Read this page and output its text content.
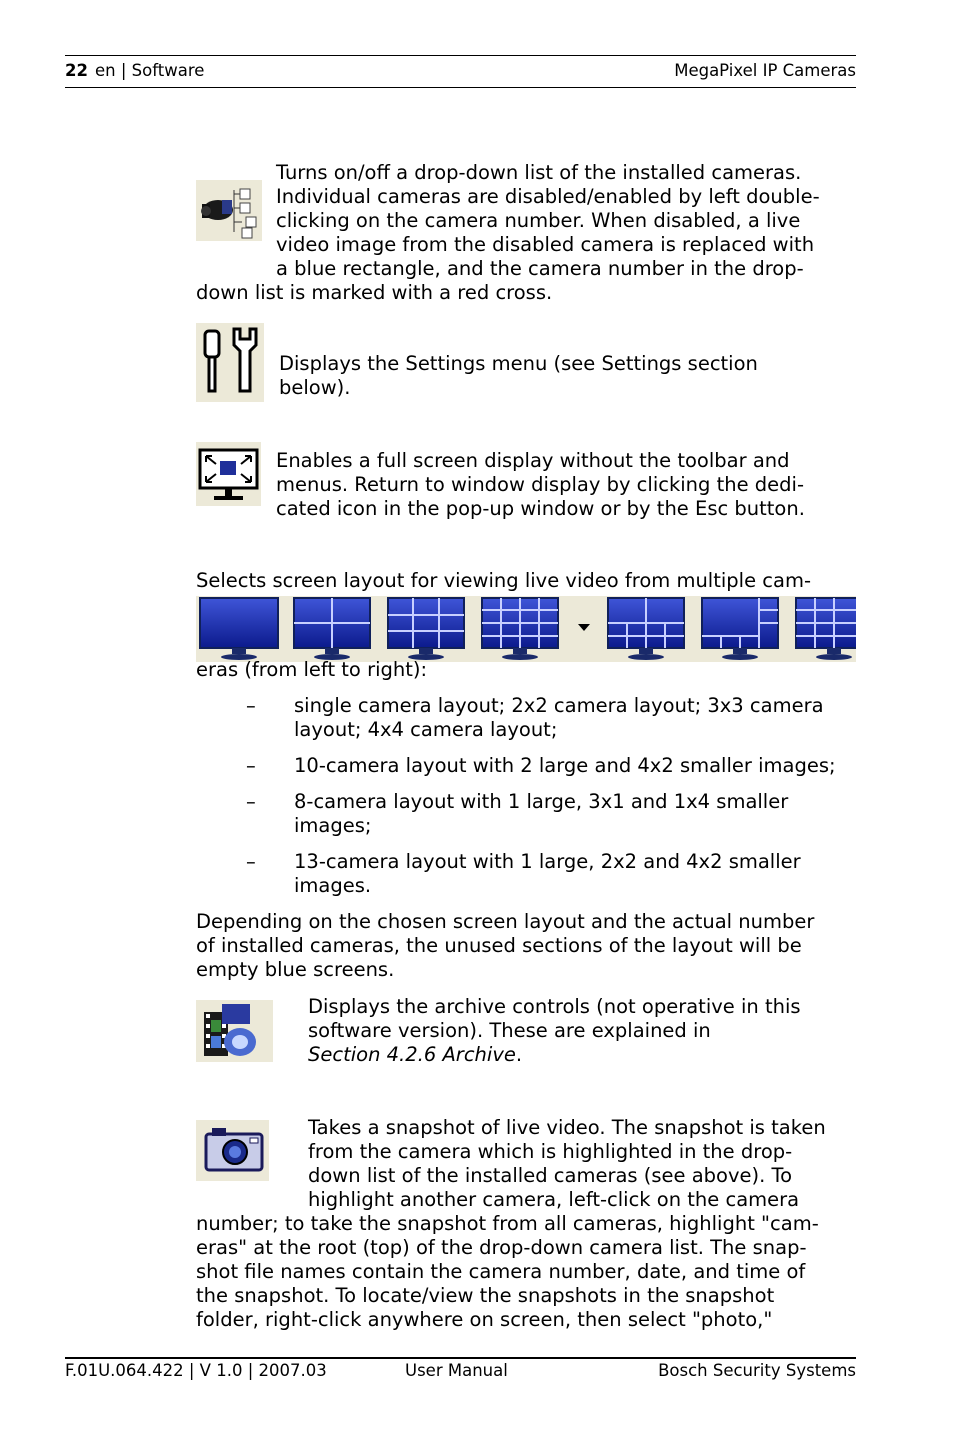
22 en | Software	MegaPixel IP Cameras
Turns on/off a drop-down list of the installed cameras.
Individual cameras are disabled/enabled by left double-
clicking on the camera number. When disabled, a live
video image from the disabled camera is replaced with
a blue rectangle, and the camera number in the drop-
down list is marked with a red cross.
Displays the Settings menu (see Settings section
below).
Enables a full screen display without the toolbar and
menus. Return to window display by clicking the dedi-
cated icon in the pop-up window or by the Esc button.
Selects screen layout for viewing live video from multiple cam-
eras (from left to right):
– single camera layout; 2x2 camera layout; 3x3 camera
layout; 4x4 camera layout;
– 10-camera layout with 2 large and 4x2 smaller images;
– 8-camera layout with 1 large, 3x1 and 1x4 smaller
images;
– 13-camera layout with 1 large, 2x2 and 4x2 smaller
images.
Depending on the chosen screen layout and the actual number
of installed cameras, the unused sections of the layout will be
empty blue screens.
Displays the archive controls (not operative in this
software version). These are explained in
Section 4.2.6 Archive.
Takes a snapshot of live video. The snapshot is taken
from the camera which is highlighted in the drop-
down list of the installed cameras (see above). To
highlight another camera, left-click on the camera
number; to take the snapshot from all cameras, highlight "cam-
eras" at the root (top) of the drop-down camera list. The snap-
shot file names contain the camera number, date, and time of
the snapshot. To locate/view the snapshots in the snapshot
folder, right-click anywhere on screen, then select "photo,"
F.01U.064.422 | V 1.0 | 2007.03	User Manual	Bosch Security Systems
